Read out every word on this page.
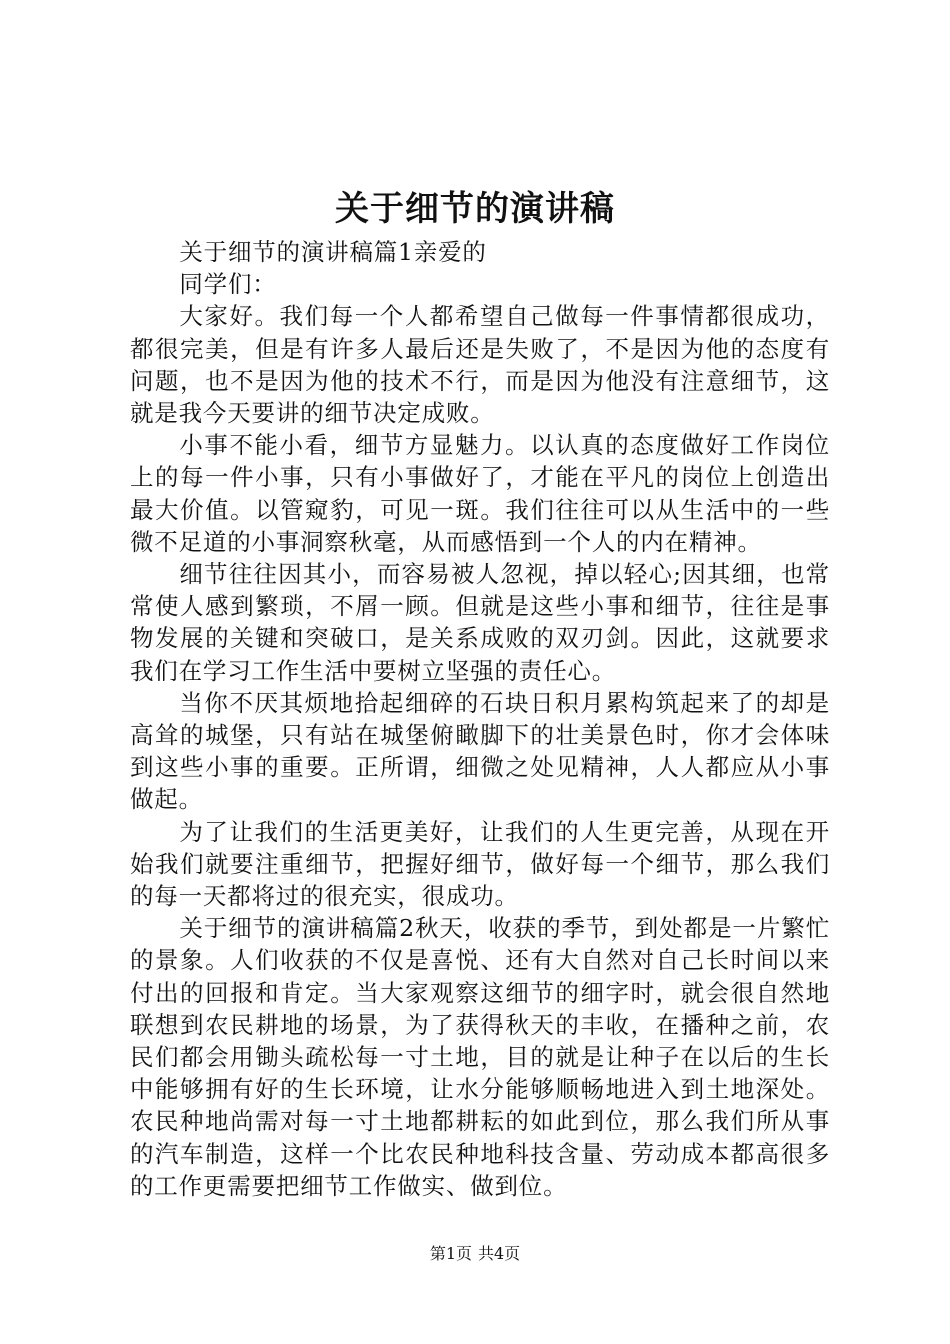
关于细节的演讲稿

关于细节的演讲稿篇1亲爱的

同学们：

大家好。我们每一个人都希望自己做每一件事情都很成功，都很完美，但是有许多人最后还是失败了，不是因为他的态度有问题，也不是因为他的技术不行，而是因为他没有注意细节，这就是我今天要讲的细节决定成败。

小事不能小看，细节方显魅力。以认真的态度做好工作岗位上的每一件小事，只有小事做好了，才能在平凡的岗位上创造出最大价值。以管窥豹，可见一斑。我们往往可以从生活中的一些微不足道的小事洞察秋毫，从而感悟到一个人的内在精神。

细节往往因其小，而容易被人忽视，掉以轻心;因其细，也常常使人感到繁琐，不屑一顾。但就是这些小事和细节，往往是事物发展的关键和突破口，是关系成败的双刃剑。因此，这就要求我们在学习工作生活中要树立坚强的责任心。

当你不厌其烦地拾起细碎的石块日积月累构筑起来了的却是高耸的城堡，只有站在城堡俯瞰脚下的壮美景色时，你才会体味到这些小事的重要。正所谓，细微之处见精神，人人都应从小事做起。

为了让我们的生活更美好，让我们的人生更完善，从现在开始我们就要注重细节，把握好细节，做好每一个细节，那么我们的每一天都将过的很充实，很成功。

关于细节的演讲稿篇2秋天，收获的季节，到处都是一片繁忙的景象。人们收获的不仅是喜悦、还有大自然对自己长时间以来付出的回报和肯定。当大家观察这细节的细字时，就会很自然地联想到农民耕地的场景，为了获得秋天的丰收，在播种之前，农民们都会用锄头疏松每一寸土地，目的就是让种子在以后的生长中能够拥有好的生长环境，让水分能够顺畅地进入到土地深处。农民种地尚需对每一寸土地都耕耘的如此到位，那么我们所从事的汽车制造，这样一个比农民种地科技含量、劳动成本都高很多的工作更需要把细节工作做实、做到位。

第1页 共4页
